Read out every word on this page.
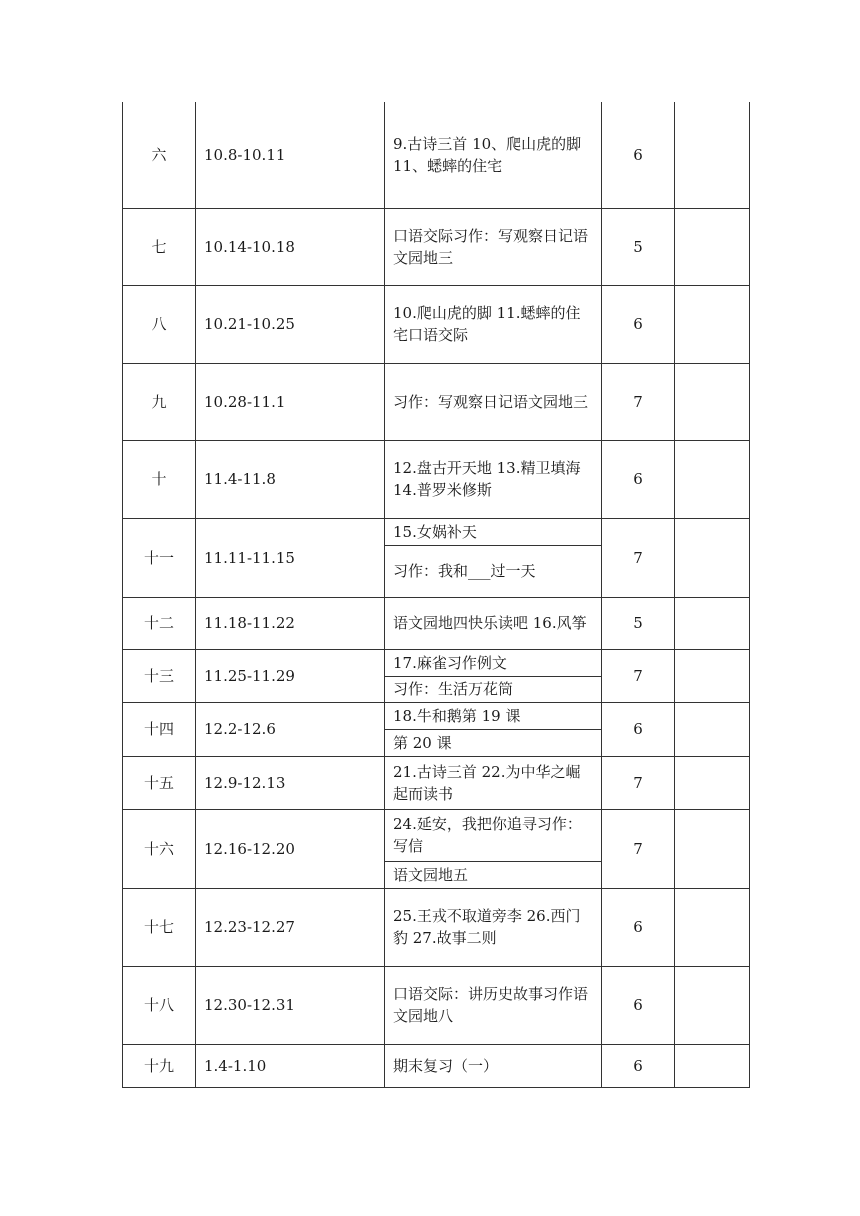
六	10.8-10.11	9.古诗三首 10、爬山虎的脚 11、蟋蟀的住宅	6	
七	10.14-10.18	口语交际习作：写观察日记语文园地三	5	
八	10.21-10.25	10.爬山虎的脚 11.蟋蟀的住宅口语交际	6	
九	10.28-11.1	习作：写观察日记语文园地三	7	
十	11.4-11.8	12.盘古开天地 13.精卫填海 14.普罗米修斯	6	
十一	11.11-11.15	15.女娲补天	7	
		习作：我和___过一天		
十二	11.18-11.22	语文园地四快乐读吧 16.风筝	5	
十三	11.25-11.29	17.麻雀习作例文	7	
		习作：生活万花筒		
十四	12.2-12.6	18.牛和鹅第 19 课	6	
		第 20 课		
十五	12.9-12.13	21.古诗三首 22.为中华之崛起而读书	7	
十六	12.16-12.20	24.延安，我把你追寻习作：写信	7	
		语文园地五		
十七	12.23-12.27	25.王戎不取道旁李 26.西门豹 27.故事二则	6	
十八	12.30-12.31	口语交际：讲历史故事习作语文园地八	6	
十九	1.4-1.10	期末复习（一）	6	
